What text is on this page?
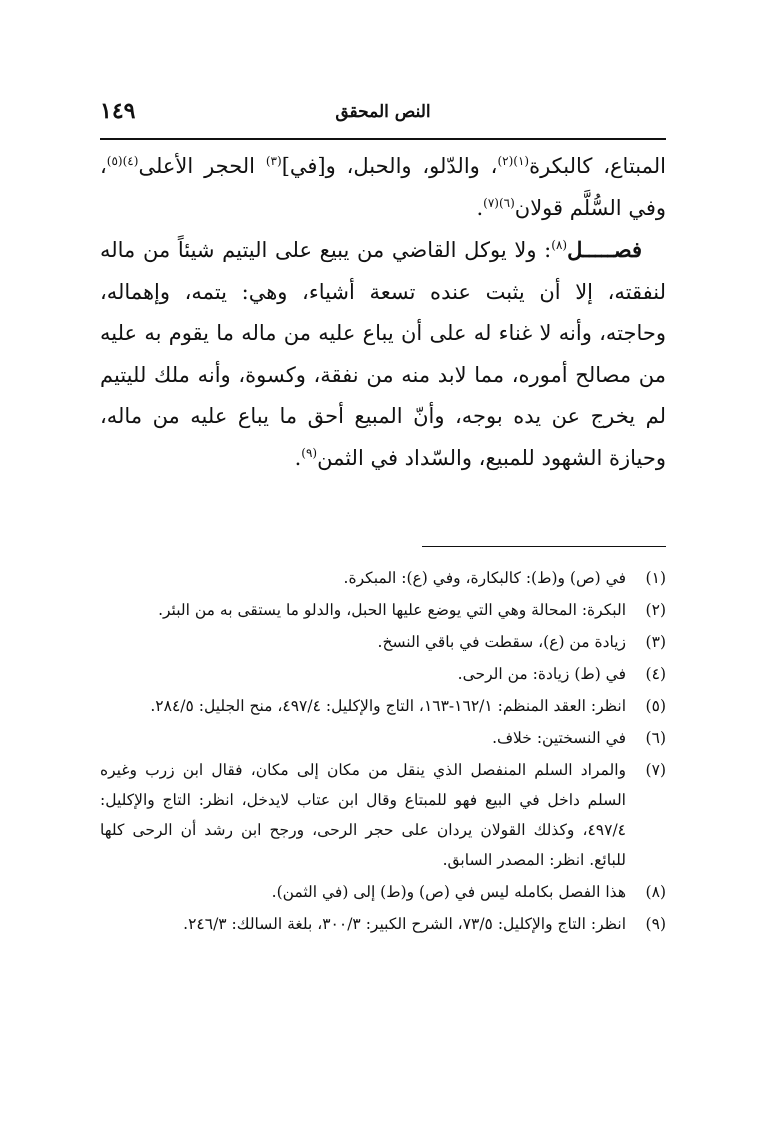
١٤٩	النص المحقق

المبتاع، كالبكرة$^{(١)(٢)}$، والدّلو، والحبل، و[في]$^{(٣)}$ الحجر الأعلى$^{(٤)(٥)}$، وفي السُّلَّم قولان$^{(٦)(٧)}$.

فصـــــل$^{(٨)}$: ولا يوكل القاضي من يبيع على اليتيم شيئاً من ماله لنفقته، إلا أن يثبت عنده تسعة أشياء، وهي: يتمه، وإهماله، وحاجته، وأنه لا غناء له على أن يباع عليه من ماله ما يقوم به عليه من مصالح أموره، مما لابد منه من نفقة، وكسوة، وأنه ملك لليتيم لم يخرج عن يده بوجه، وأنّ المبيع أحق ما يباع عليه من ماله، وحيازة الشهود للمبيع، والسّداد في الثمن$^{(٩)}$.

(١)
في (ص) و(ط): كالبكارة، وفي (ع): المبكرة.

(٢)
البكرة: المحالة وهي التي يوضع عليها الحبل، والدلو ما يستقى به من البئر.

(٣)
زيادة من (ع)، سقطت في باقي النسخ.

(٤)
في (ط) زيادة: من الرحى.

(٥)
انظر: العقد المنظم: ١٦٢/١-١٦٣، التاج والإكليل: ٤٩٧/٤، منح الجليل: ٢٨٤/٥.

(٦)
في النسختين: خلاف.

(٧)
والمراد السلم المنفصل الذي ينقل من مكان إلى مكان، فقال ابن زرب وغيره السلم داخل في البيع فهو للمبتاع وقال ابن عتاب لايدخل، انظر: التاج والإكليل: ٤٩٧/٤، وكذلك القولان يردان على حجر الرحى، ورجح ابن رشد أن الرحى كلها للبائع. انظر: المصدر السابق.

(٨)
هذا الفصل بكامله ليس في (ص) و(ط) إلى (في الثمن).

(٩)
انظر: التاج والإكليل: ٧٣/٥، الشرح الكبير: ٣٠٠/٣، بلغة السالك: ٢٤٦/٣.
